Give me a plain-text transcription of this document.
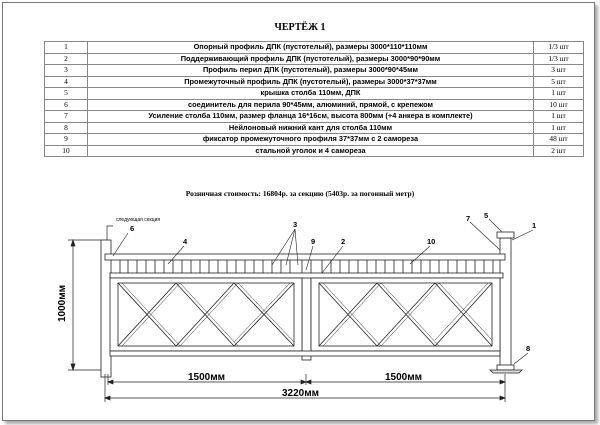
ЧЕРТЁЖ 1
1	Опорный профиль ДПК (пустотелый), размеры 3000*110*110мм	1/3 шт
2	Поддерживающий профиль ДПК (пустотелый), размеры 3000*90*90мм	1/3 шт
3	Профиль перил ДПК (пустотелый), размеры 3000*90*45мм	3 шт
4	Промежуточный профиль ДПК (пустотелый), размеры 3000*37*37мм	5 шт
5	крышка столба 110мм, ДПК	1 шт
6	соединитель для перила 90*45мм, алюминий, прямой, с крепежом	10 шт
7	Усиление столба 110мм, размер фланца 16*16см, высота 800мм (+4 анкера в комплекте)	1 шт
8	Нейлоновый нижний кант для столба 110мм	1 шт
9	фиксатор промежуточного профиля 37*37мм с 2 саморезa	48 шт
10	стальной уголок и 4 самореза	2 шт
Розничная стоимость: 16804р. за секцию (5403р. за погонный метр)
следующая секция
6
4
3
9	2	10
7 5
1
8
1000мм
1500мм	1500мм
3220мм
